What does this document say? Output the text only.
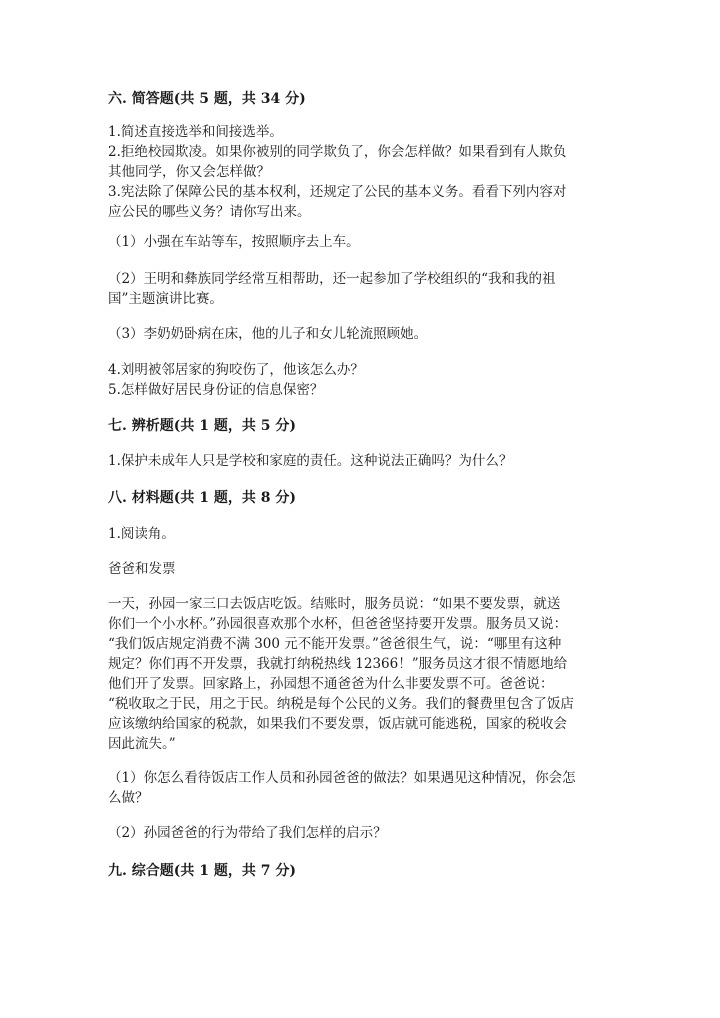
六. 简答题(共 5 题，共 34 分)
1.简述直接选举和间接选举。
2.拒绝校园欺凌。如果你被别的同学欺负了，你会怎样做？如果看到有人欺负
其他同学，你又会怎样做？
3.宪法除了保障公民的基本权利，还规定了公民的基本义务。看看下列内容对
应公民的哪些义务？请你写出来。
（1）小强在车站等车，按照顺序去上车。
（2）王明和彝族同学经常互相帮助，还一起参加了学校组织的“我和我的祖
国”主题演讲比赛。
（3）李奶奶卧病在床，他的儿子和女儿轮流照顾她。
4.刘明被邻居家的狗咬伤了，他该怎么办？
5.怎样做好居民身份证的信息保密？
七. 辨析题(共 1 题，共 5 分)
1.保护未成年人只是学校和家庭的责任。这种说法正确吗？为什么？
八. 材料题(共 1 题，共 8 分)
1.阅读角。
爸爸和发票
一天，孙园一家三口去饭店吃饭。结账时，服务员说：“如果不要发票，就送
你们一个小水杯。”孙园很喜欢那个水杯，但爸爸坚持要开发票。服务员又说：
“我们饭店规定消费不满 300 元不能开发票。”爸爸很生气，说：“哪里有这种
规定？你们再不开发票，我就打纳税热线 12366！”服务员这才很不情愿地给
他们开了发票。回家路上，孙园想不通爸爸为什么非要发票不可。爸爸说：
“税收取之于民，用之于民。纳税是每个公民的义务。我们的餐费里包含了饭店
应该缴纳给国家的税款，如果我们不要发票，饭店就可能逃税，国家的税收会
因此流失。”
（1）你怎么看待饭店工作人员和孙园爸爸的做法？如果遇见这种情况，你会怎
么做？
（2）孙园爸爸的行为带给了我们怎样的启示？
九. 综合题(共 1 题，共 7 分)
